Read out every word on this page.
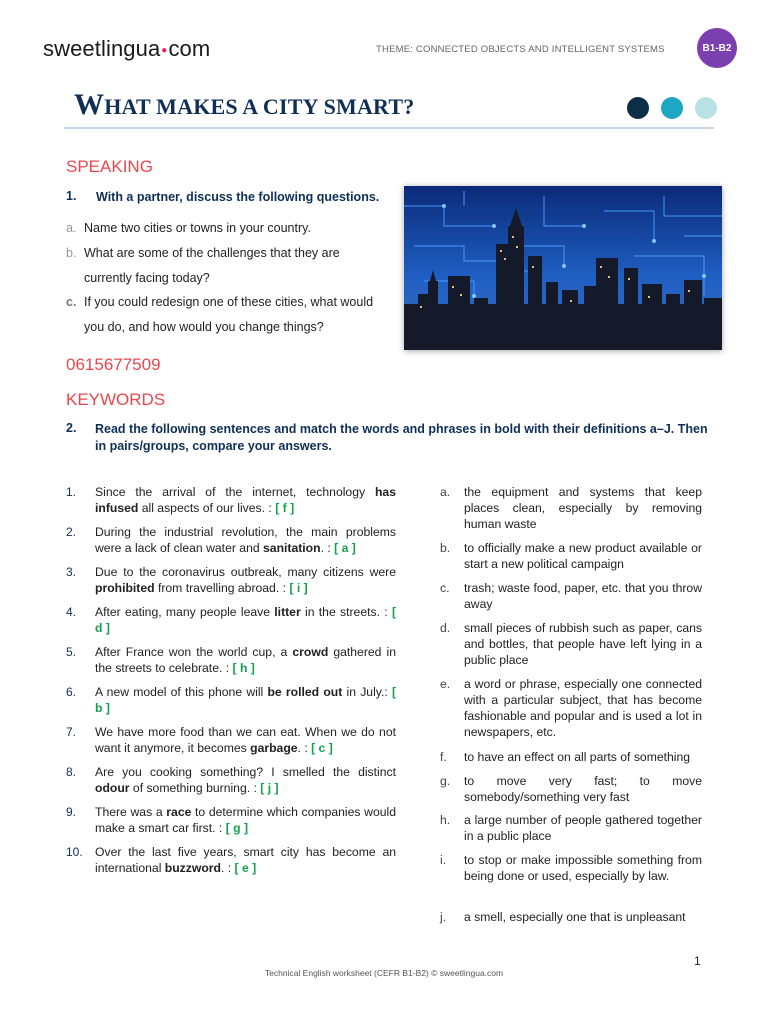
sweetlingua●com	THEME: CONNECTED OBJECTS AND INTELLIGENT SYSTEMS	B1-B2
WHAT MAKES A CITY SMART?
SPEAKING
1. With a partner, discuss the following questions.
a. Name two cities or towns in your country.
b. What are some of the challenges that they are currently facing today?
c. If you could redesign one of these cities, what would you do, and how would you change things?
0615677509
KEYWORDS
2. Read the following sentences and match the words and phrases in bold with their definitions a–J. Then in pairs/groups, compare your answers.
1. Since the arrival of the internet, technology has infused all aspects of our lives. : [ f ]
2. During the industrial revolution, the main problems were a lack of clean water and sanitation. : [ a ]
3. Due to the coronavirus outbreak, many citizens were prohibited from travelling abroad. : [ i ]
4. After eating, many people leave litter in the streets. : [ d ]
5. After France won the world cup, a crowd gathered in the streets to celebrate. : [ h ]
6. A new model of this phone will be rolled out in July.: [ b ]
7. We have more food than we can eat. When we do not want it anymore, it becomes garbage. : [ c ]
8. Are you cooking something? I smelled the distinct odour of something burning. : [ j ]
9. There was a race to determine which companies would make a smart car first. : [ g ]
10. Over the last five years, smart city has become an international buzzword. : [ e ]
a. the equipment and systems that keep places clean, especially by removing human waste
b. to officially make a new product available or start a new political campaign
c. trash; waste food, paper, etc. that you throw away
d. small pieces of rubbish such as paper, cans and bottles, that people have left lying in a public place
e. a word or phrase, especially one connected with a particular subject, that has become fashionable and popular and is used a lot in newspapers, etc.
f. to have an effect on all parts of something
g. to move very fast; to move somebody/something very fast
h. a large number of people gathered together in a public place
i. to stop or make impossible something from being done or used, especially by law.
j. a smell, especially one that is unpleasant
1
Technical English worksheet (CEFR B1-B2) © sweetlingua.com
